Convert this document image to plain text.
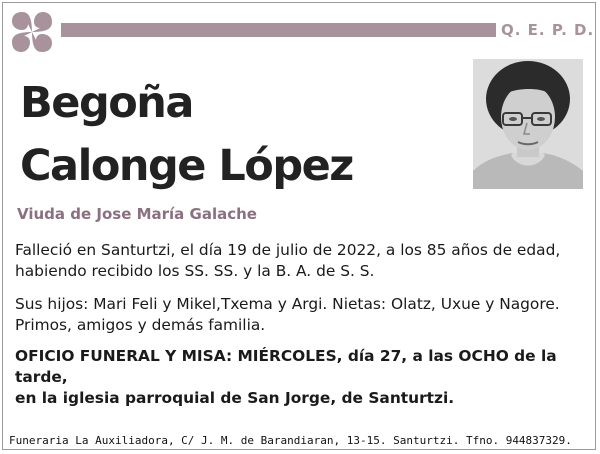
Q. E. P. D.
Begoña
Calonge López
Viuda de Jose María Galache
Falleció en Santurtzi, el día 19 de julio de 2022, a los 85 años de edad,
habiendo recibido los SS. SS. y la B. A. de S. S.
Sus hijos: Mari Feli y Mikel,Txema y Argi. Nietas: Olatz, Uxue y Nagore.
Primos, amigos y demás familia.
OFICIO FUNERAL Y MISA: MIÉRCOLES, día 27, a las OCHO de la tarde,
en la iglesia parroquial de San Jorge, de Santurtzi.
Funeraria La Auxiliadora, C/ J. M. de Barandiaran, 13-15. Santurtzi. Tfno. 944837329.
